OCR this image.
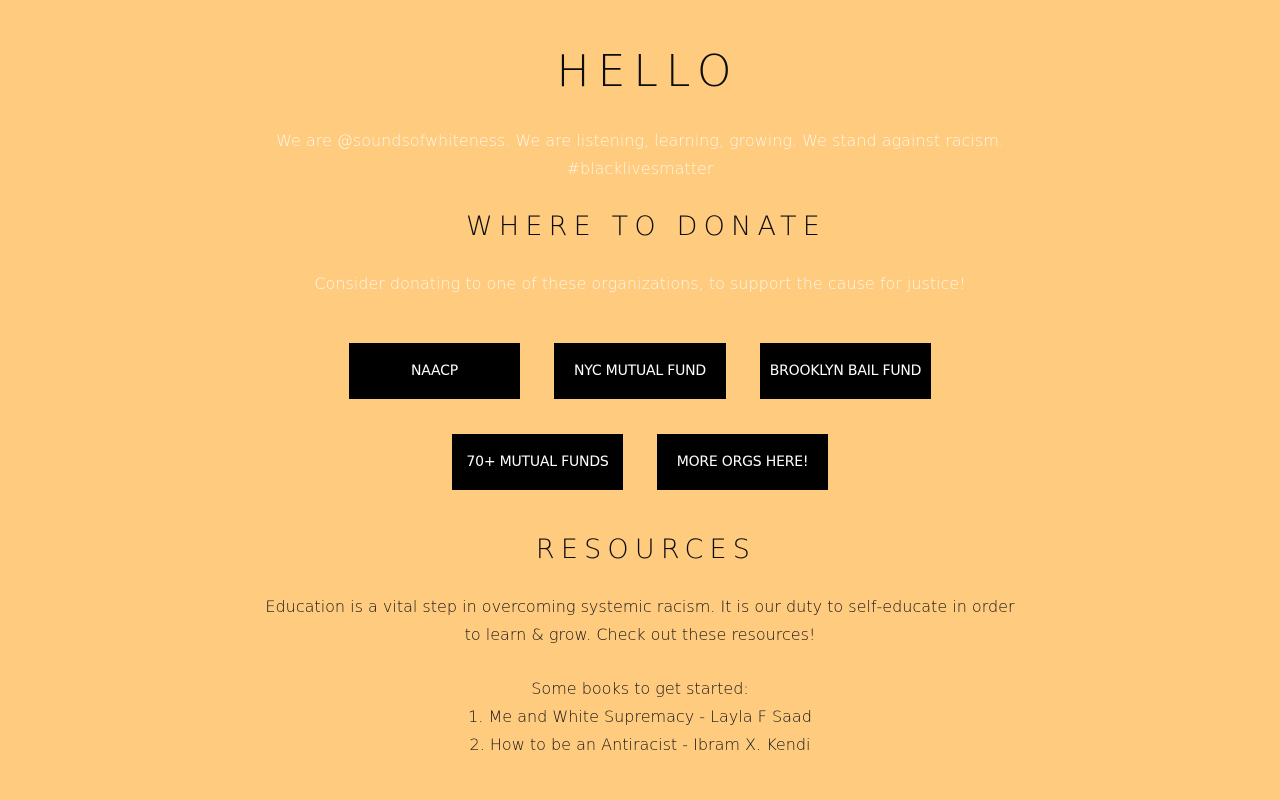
HELLO

We are @soundsofwhiteness. We are listening, learning, growing. We stand against racism.
#blacklivesmatter

WHERE TO DONATE

Consider donating to one of these organizations, to support the cause for justice!

NAACP	NYC MUTUAL FUND	BROOKLYN BAIL FUND
70+ MUTUAL FUNDS	MORE ORGS HERE!
RESOURCES

Education is a vital step in overcoming systemic racism. It is our duty to self-educate in order
to learn & grow. Check out these resources!

Some books to get started:
1. Me and White Supremacy - Layla F Saad
2. How to be an Antiracist - Ibram X. Kendi
